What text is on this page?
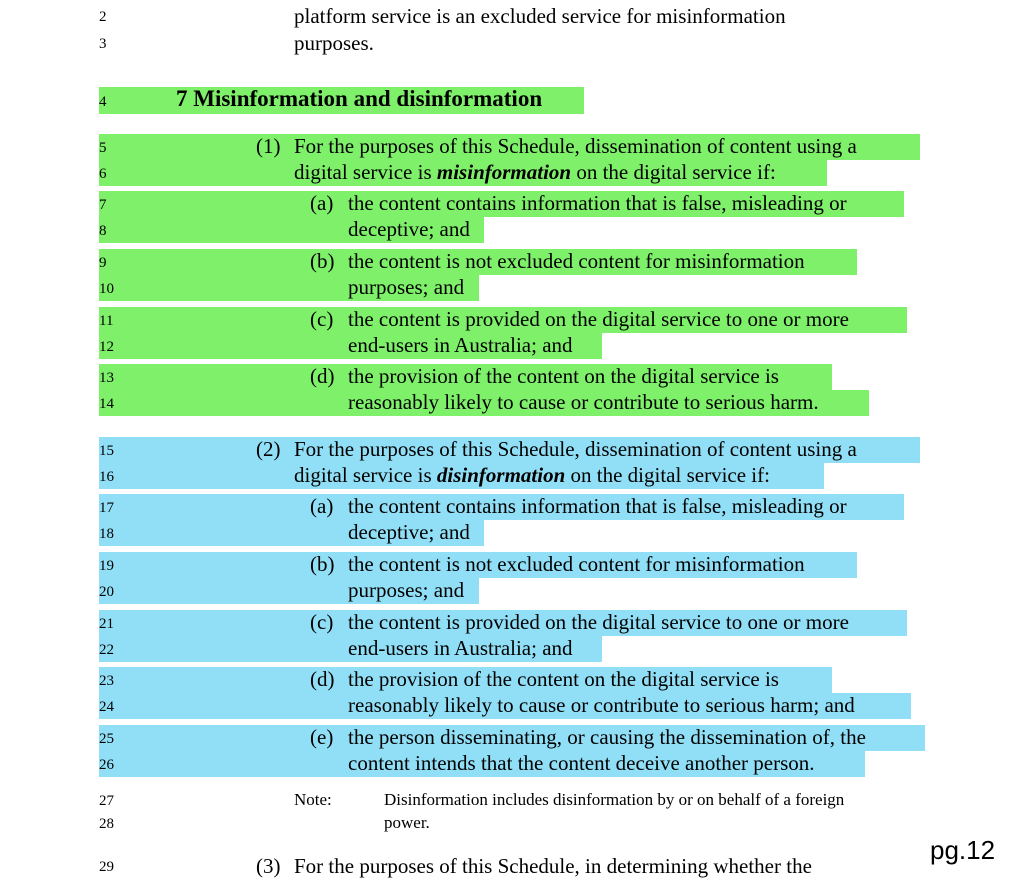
platform service is an excluded service for misinformation
purposes.
2
3
4
5
6
7
8
9
10
11
12
13
14
15
16
17
18
19
20
21
22
23
24
25
26
27
28
29
7 Misinformation and disinformation
(1) For the purposes of this Schedule, dissemination of content using a
digital service is misinformation on the digital service if:
(a) the content contains information that is false, misleading or
deceptive; and
(b) the content is not excluded content for misinformation
purposes; and
(c) the content is provided on the digital service to one or more
end-users in Australia; and
(d) the provision of the content on the digital service is
reasonably likely to cause or contribute to serious harm.
(2) For the purposes of this Schedule, dissemination of content using a
digital service is disinformation on the digital service if:
(a) the content contains information that is false, misleading or
deceptive; and
(b) the content is not excluded content for misinformation
purposes; and
(c) the content is provided on the digital service to one or more
end-users in Australia; and
(d) the provision of the content on the digital service is
reasonably likely to cause or contribute to serious harm; and
(e) the person disseminating, or causing the dissemination of, the
content intends that the content deceive another person.
Note:	Disinformation includes disinformation by or on behalf of a foreign
power.
(3) For the purposes of this Schedule, in determining whether the
pg.12
